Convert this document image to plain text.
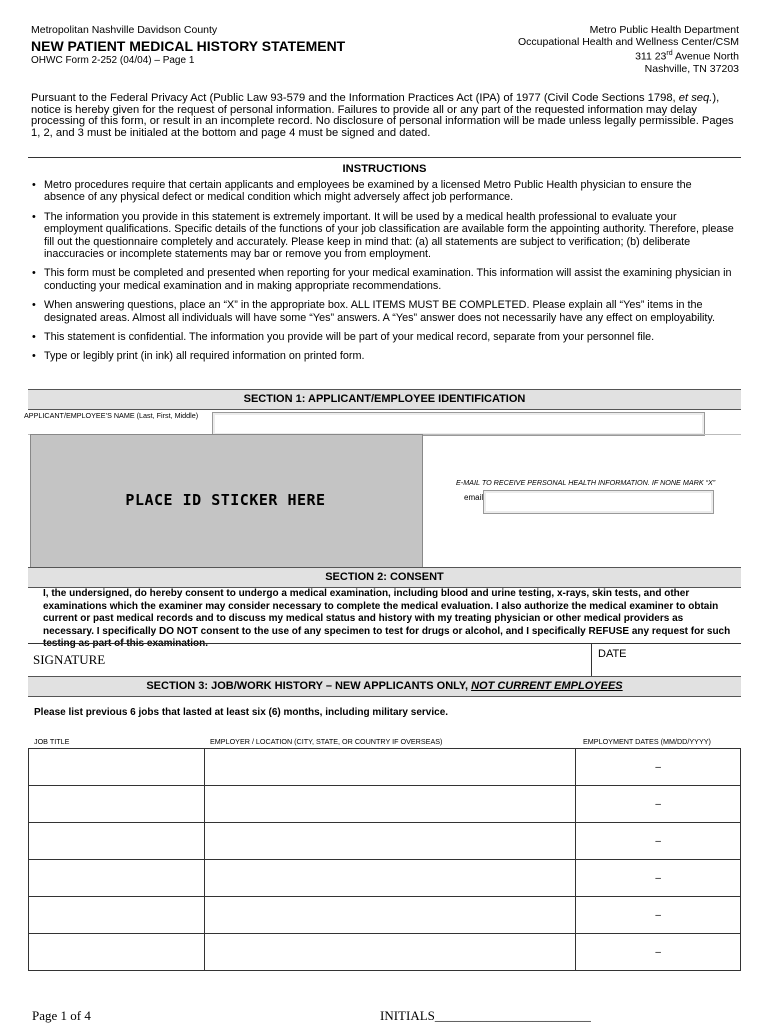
Metropolitan Nashville Davidson County
NEW PATIENT MEDICAL HISTORY STATEMENT
OHWC Form 2-252 (04/04) – Page 1
Metro Public Health Department
Occupational Health and Wellness Center/CSM
311 23rd Avenue North
Nashville, TN 37203
Pursuant to the Federal Privacy Act (Public Law 93-579 and the Information Practices Act (IPA) of 1977 (Civil Code Sections 1798, et seq.), notice is hereby given for the request of personal information. Failures to provide all or any part of the requested information may delay processing of this form, or result in an incomplete record. No disclosure of personal information will be made unless legally permissible. Pages 1, 2, and 3 must be initialed at the bottom and page 4 must be signed and dated.
INSTRUCTIONS
• Metro procedures require that certain applicants and employees be examined by a licensed Metro Public Health physician to ensure the absence of any physical defect or medical condition which might adversely affect job performance.
• The information you provide in this statement is extremely important. It will be used by a medical health professional to evaluate your employment qualifications. Specific details of the functions of your job classification are available form the appointing authority. Therefore, please fill out the questionnaire completely and accurately. Please keep in mind that: (a) all statements are subject to verification; (b) deliberate inaccuracies or incomplete statements may bar or remove you from employment.
• This form must be completed and presented when reporting for your medical examination. This information will assist the examining physician in conducting your medical examination and in making appropriate recommendations.
• When answering questions, place an “X” in the appropriate box. ALL ITEMS MUST BE COMPLETED. Please explain all “Yes” items in the designated areas. Almost all individuals will have some “Yes” answers. A “Yes” answer does not necessarily have any effect on employability.
• This statement is confidential. The information you provide will be part of your medical record, separate from your personnel file.
• Type or legibly print (in ink) all required information on printed form.
SECTION 1: APPLICANT/EMPLOYEE IDENTIFICATION
APPLICANT/EMPLOYEE’S NAME (Last, First, Middle)
PLACE ID STICKER HERE
E-MAIL TO RECEIVE PERSONAL HEALTH INFORMATION. IF NONE MARK “X”
email
SECTION 2: CONSENT
I, the undersigned, do hereby consent to undergo a medical examination, including blood and urine testing, x-rays, skin tests, and other examinations which the examiner may consider necessary to complete the medical evaluation. I also authorize the medical examiner to obtain current or past medical records and to discuss my medical status and history with my treating physician or other medical providers as necessary. I specifically DO NOT consent to the use of any specimen to test for drugs or alcohol, and I specifically REFUSE any request for such testing as part of this examination.
SIGNATURE	DATE
SECTION 3: JOB/WORK HISTORY – NEW APPLICANTS ONLY, NOT CURRENT EMPLOYEES
Please list previous 6 jobs that lasted at least six (6) months, including military service.
JOB TITLE	EMPLOYER / LOCATION (CITY, STATE, OR COUNTRY IF OVERSEAS)	EMPLOYMENT DATES (MM/DD/YYYY)
		–
		–
		–
		–
		–
		–
Page 1 of 4	INITIALS________________________
